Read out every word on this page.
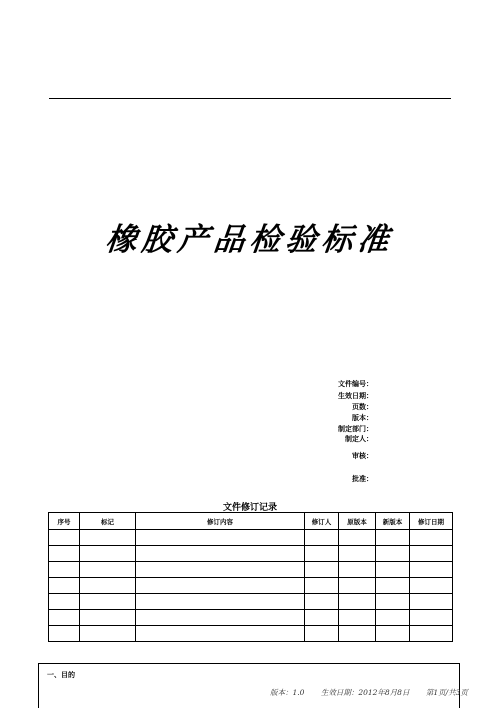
橡胶产品检验标准
文件编号：
生效日期：
页数：
版本：
制定部门：
制定人：
审核：
批准：
文件修订记录
序号	标记	修订内容	修订人	原版本	新版本	修订日期

一、目的
版本：1.0 生效日期：2012年8月8日 第1页/共3页
